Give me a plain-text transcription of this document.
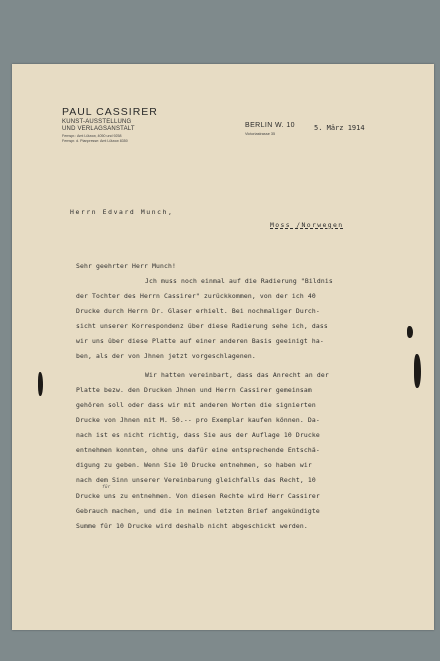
PAUL CASSIRER
KUNST-AUSSTELLUNG
UND VERLAGSANSTALT
Fernspr.: Amt Lützow, 4050 und 9258
Fernspr. d. Pianpresse: Amt Lützow 8350
BERLIN W. 10
Victoriastrasse 35
5. März 1914
Herrn Edvard Munch,
Moss /Norwegen
Sehr geehrter Herr Munch!
Jch muss noch einmal auf die Radierung "Bildnis
der Tochter des Herrn Cassirer" zurückkommen, von der ich 40
Drucke durch Herrn Dr. Glaser erhielt. Bei nochmaliger Durch-
sicht unserer Korrespondenz über diese Radierung sehe ich, dass
wir uns über diese Platte auf einer anderen Basis geeinigt ha-
ben, als der von Jhnen jetzt vorgeschlagenen.
Wir hatten vereinbart, dass das Anrecht an der
Platte bezw. den Drucken Jhnen und Herrn Cassirer gemeinsam
gehören soll oder dass wir mit anderen Worten die signierten
Drucke von Jhnen mit M. 50.-- pro Exemplar kaufen können. Da-
nach ist es nicht richtig, dass Sie aus der Auflage 10 Drucke
entnehmen konnten, ohne uns dafür eine entsprechende Entschä-
digung zu geben. Wenn Sie 10 Drucke entnehmen, so haben wir
nach dem Sinn unserer Vereinbarung gleichfalls das Recht, 10
für
Drucke uns zu entnehmen. Von diesen Rechte wird Herr Cassirer
Gebrauch machen, und die in meinen letzten Brief angekündigte
Summe für 10 Drucke wird deshalb nicht abgeschickt werden.
